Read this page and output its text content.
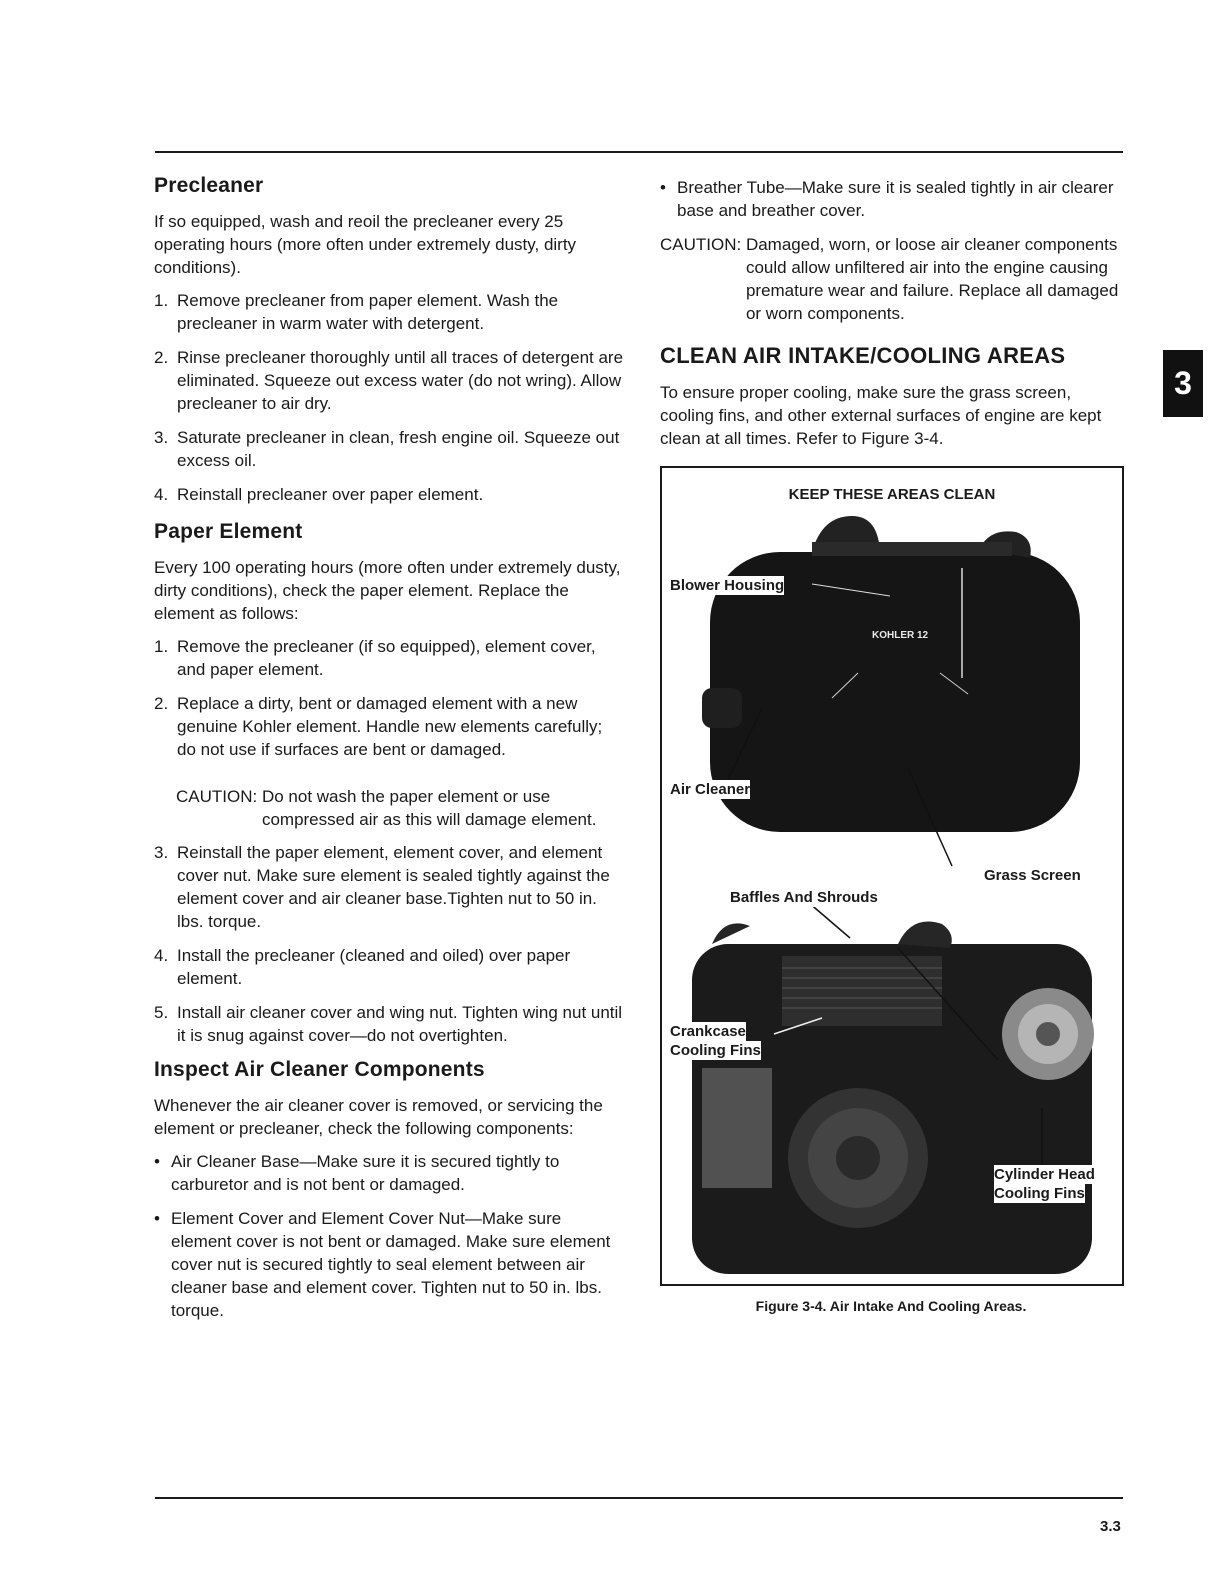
3
Precleaner

If so equipped, wash and reoil the precleaner every 25 operating hours (more often under extremely dusty, dirty conditions).

1. Remove precleaner from paper element. Wash the precleaner in warm water with detergent.
2. Rinse precleaner thoroughly until all traces of detergent are eliminated. Squeeze out excess water (do not wring). Allow precleaner to air dry.
3. Saturate precleaner in clean, fresh engine oil. Squeeze out excess oil.
4. Reinstall precleaner over paper element.
Paper Element

Every 100 operating hours (more often under extremely dusty, dirty conditions), check the paper element. Replace the element as follows:

1. Remove the precleaner (if so equipped), element cover, and paper element.
2. Replace a dirty, bent or damaged element with a new genuine Kohler element. Handle new elements carefully; do not use if surfaces are bent or damaged.
CAUTION: Do not wash the paper element or use compressed air as this will damage element.
3. Reinstall the paper element, element cover, and element cover nut. Make sure element is sealed tightly against the element cover and air cleaner base.Tighten nut to 50 in. lbs. torque.
4. Install the precleaner (cleaned and oiled) over paper element.
5. Install air cleaner cover and wing nut. Tighten wing nut until it is snug against cover—do not overtighten.
Inspect Air Cleaner Components

Whenever the air cleaner cover is removed, or servicing the element or precleaner, check the following components:

• Air Cleaner Base—Make sure it is secured tightly to carburetor and is not bent or damaged.
• Element Cover and Element Cover Nut—Make sure element cover is not bent or damaged. Make sure element cover nut is secured tightly to seal element between air cleaner base and element cover. Tighten nut to 50 in. lbs. torque.
• Breather Tube—Make sure it is sealed tightly in air clearer base and breather cover.
CAUTION: Damaged, worn, or loose air cleaner components could allow unfiltered air into the engine causing premature wear and failure. Replace all damaged or worn components.
CLEAN AIR INTAKE/COOLING AREAS

To ensure proper cooling, make sure the grass screen, cooling fins, and other external surfaces of engine are kept clean at all times. Refer to Figure 3-4.

KOHLER 12
KEEP THESE AREAS CLEAN
Blower Housing
Air Cleaner
Grass Screen
Baffles And Shrouds
Crankcase
Cooling Fins
Cylinder Head
Cooling Fins
Figure 3-4. Air Intake And Cooling Areas.
3.3
